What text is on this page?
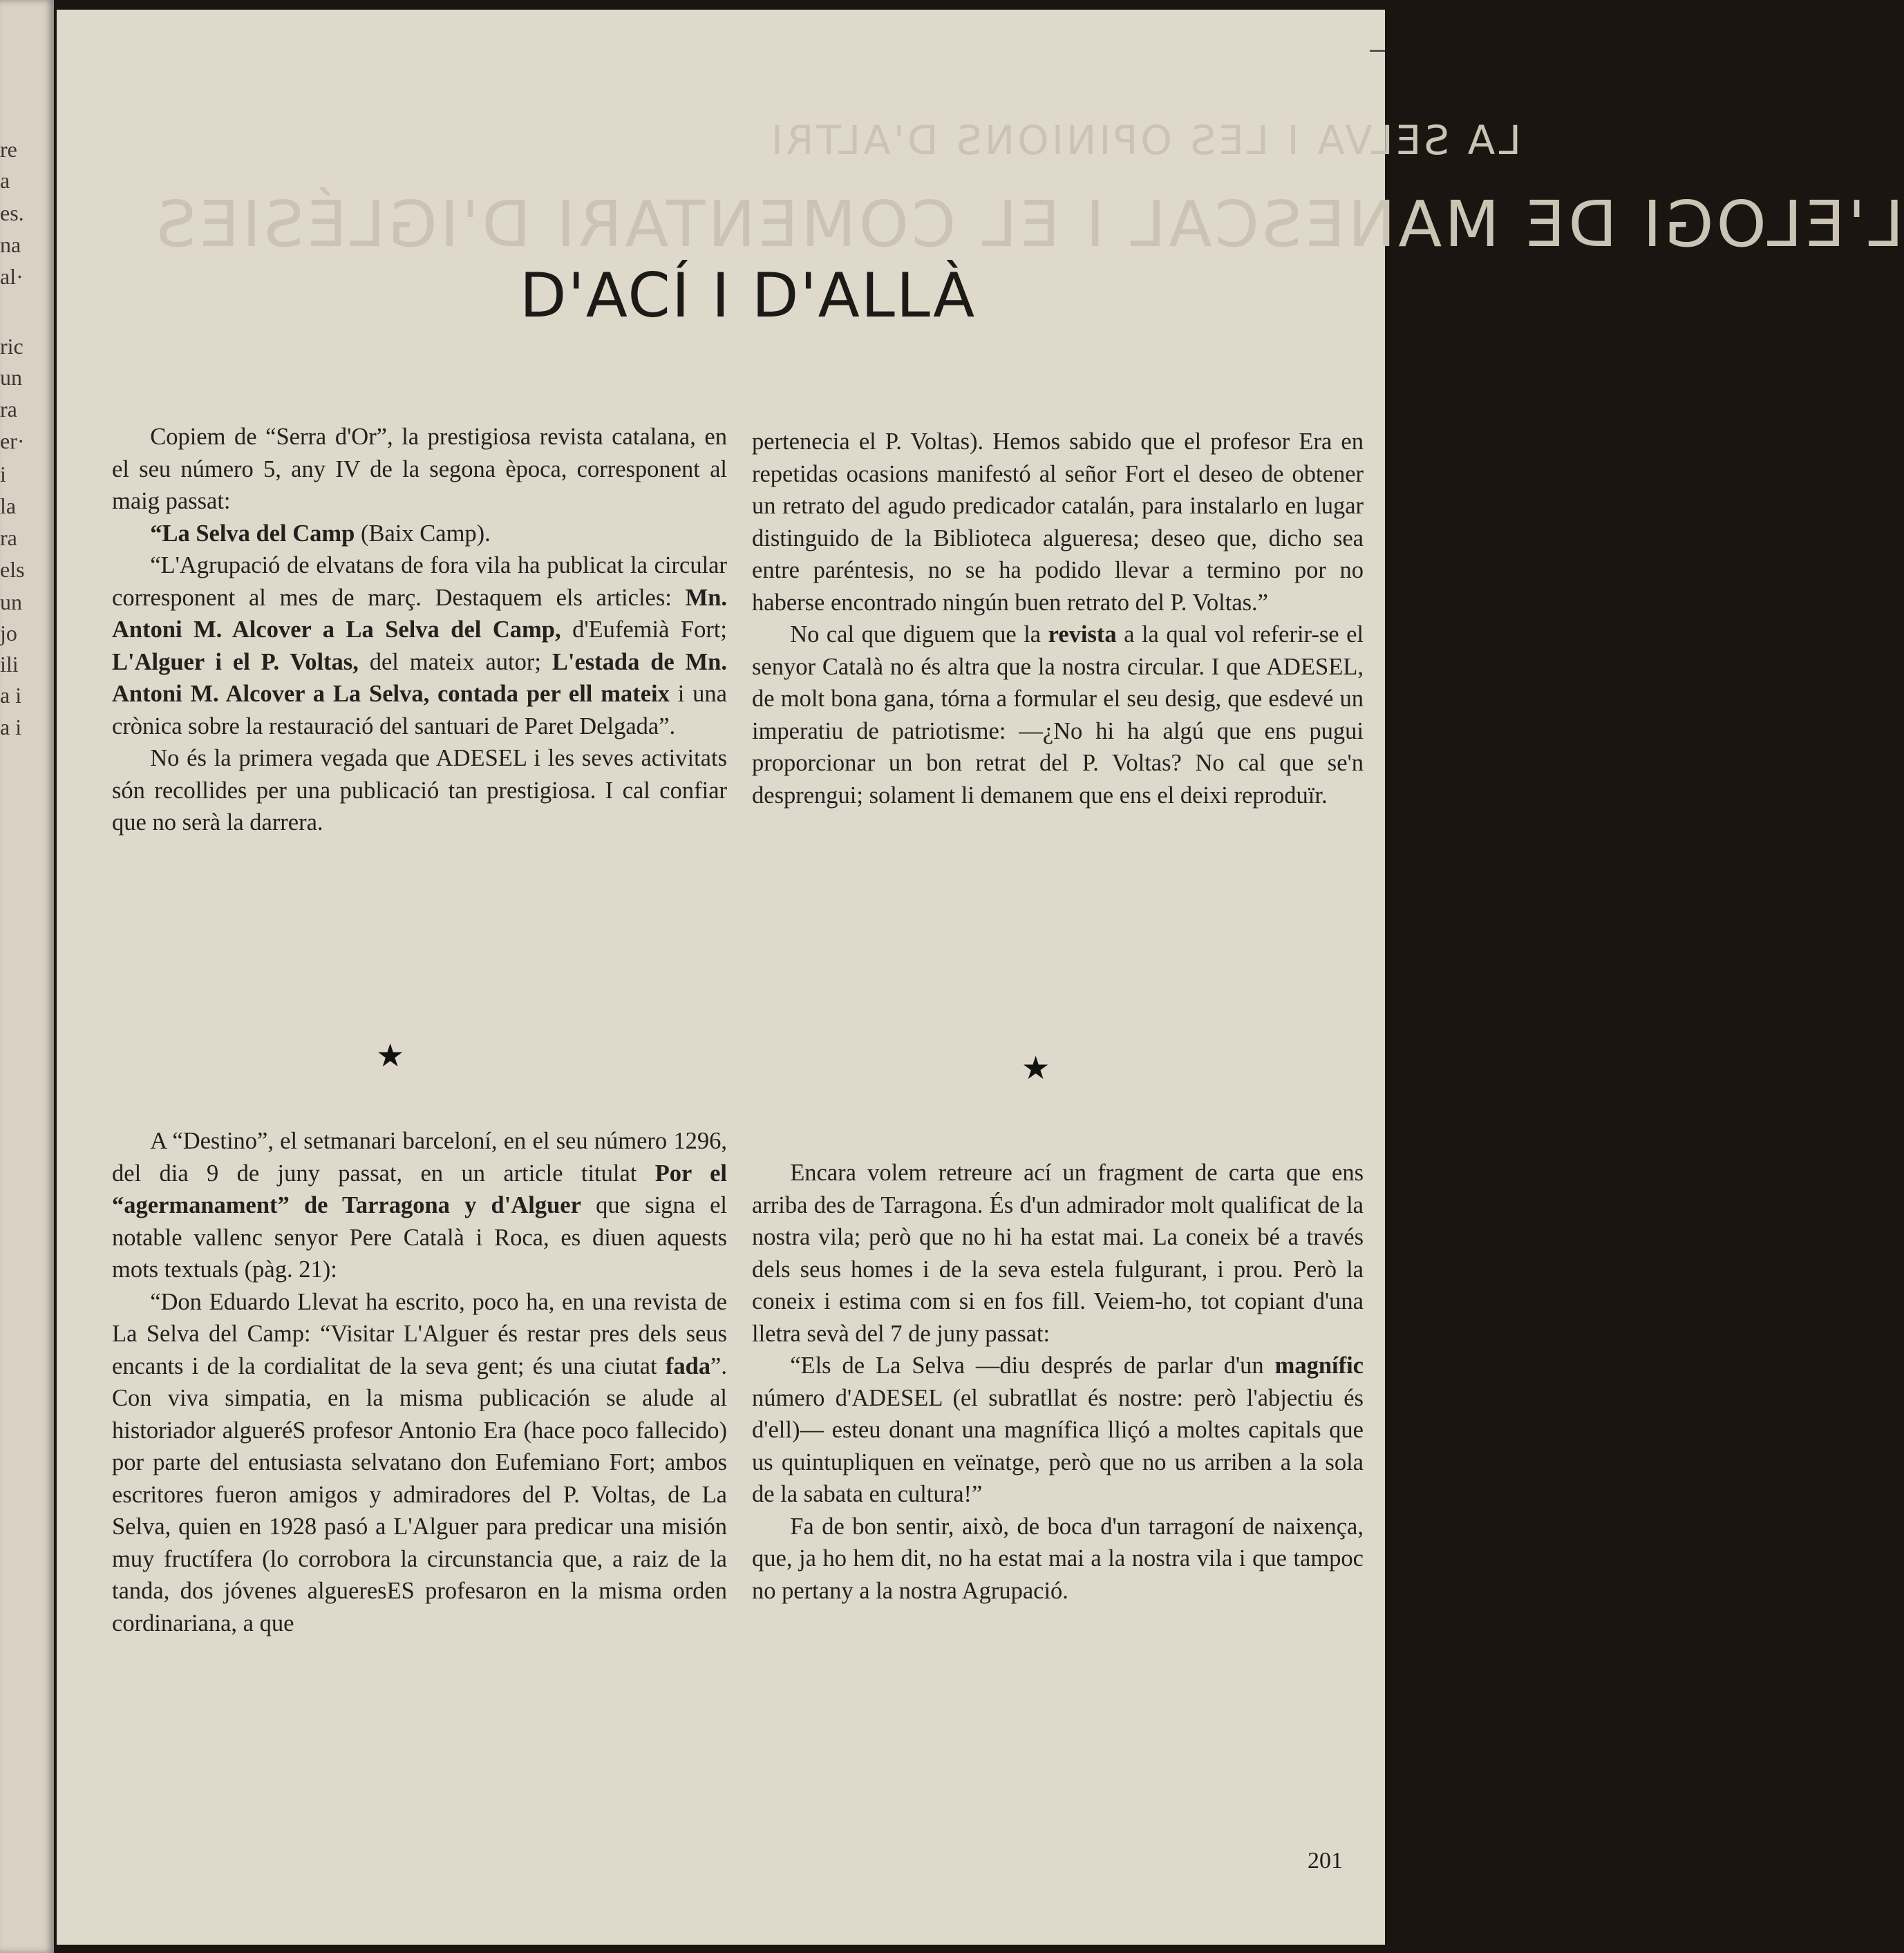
re
a
es.
na
al·
ric
un
ra
er·
i
la
ra
els
un
jo
ili
a i
a i
LA SELVA I LES OPINIONS D'ALTRI
L'ELOGI DE MANESCAL I EL COMENTARI D'IGLÉSIES
D'ACÍ I D'ALLÀ

Copiem de “Serra d'Or”, la prestigiosa revista catalana, en el seu número 5, any IV de la segona època, corresponent al maig passat:

“La Selva del Camp (Baix Camp).

“L'Agrupació de elvatans de fora vila ha publicat la circular corresponent al mes de març. Destaquem els articles: Mn. Antoni M. Alcover a La Selva del Camp, d'Eufemià Fort; L'Alguer i el P. Voltas, del mateix autor; L'estada de Mn. Antoni M. Alcover a La Selva, contada per ell mateix i una crònica sobre la restauració del santuari de Paret Delgada”.

No és la primera vegada que ADESEL i les seves activitats són recollides per una publicació tan prestigiosa. I cal confiar que no serà la darrera.

pertenecia el P. Voltas). Hemos sabido que el profesor Era en repetidas ocasions manifestó al señor Fort el deseo de obtener un retrato del agudo predicador catalán, para instalarlo en lugar distinguido de la Biblioteca algueresa; deseo que, dicho sea entre paréntesis, no se ha podido llevar a termino por no haberse encontrado ningún buen retrato del P. Voltas.”

No cal que diguem que la revista a la qual vol referir-se el senyor Català no és altra que la nostra circular. I que ADESEL, de molt bona gana, tórna a formular el seu desig, que esdevé un imperatiu de patriotisme: —¿No hi ha algú que ens pugui proporcionar un bon retrat del P. Voltas? No cal que se'n desprengui; solament li demanem que ens el deixi reproduïr.

★	★

A “Destino”, el setmanari barceloní, en el seu número 1296, del dia 9 de juny passat, en un article titulat Por el “agermanament” de Tarragona y d'Alguer que signa el notable vallenc senyor Pere Català i Roca, es diuen aquests mots textuals (pàg. 21):

“Don Eduardo Llevat ha escrito, poco ha, en una revista de La Selva del Camp: “Visitar L'Alguer és restar pres dels seus encants i de la cordialitat de la seva gent; és una ciutat fada”. Con viva simpatia, en la misma publicación se alude al historiador algueréS profesor Antonio Era (hace poco fallecido) por parte del entusiasta selvatano don Eufemiano Fort; ambos escritores fueron amigos y admiradores del P. Voltas, de La Selva, quien en 1928 pasó a L'Alguer para predicar una misión muy fructífera (lo corrobora la circunstancia que, a raiz de la tanda, dos jóvenes algueresES profesaron en la misma orden cordinariana, a que

Encara volem retreure ací un fragment de carta que ens arriba des de Tarragona. És d'un admirador molt qualificat de la nostra vila; però que no hi ha estat mai. La coneix bé a través dels seus homes i de la seva estela fulgurant, i prou. Però la coneix i estima com si en fos fill. Veiem-ho, tot copiant d'una lletra sevà del 7 de juny passat:

“Els de La Selva —diu després de parlar d'un magnífic número d'ADESEL (el subratllat és nostre: però l'abjectiu és d'ell)— esteu donant una magnífica lliçó a moltes capitals que us quintupliquen en veïnatge, però que no us arriben a la sola de la sabata en cultura!”

Fa de bon sentir, això, de boca d'un tarragoní de naixença, que, ja ho hem dit, no ha estat mai a la nostra vila i que tampoc no pertany a la nostra Agrupació.

201
